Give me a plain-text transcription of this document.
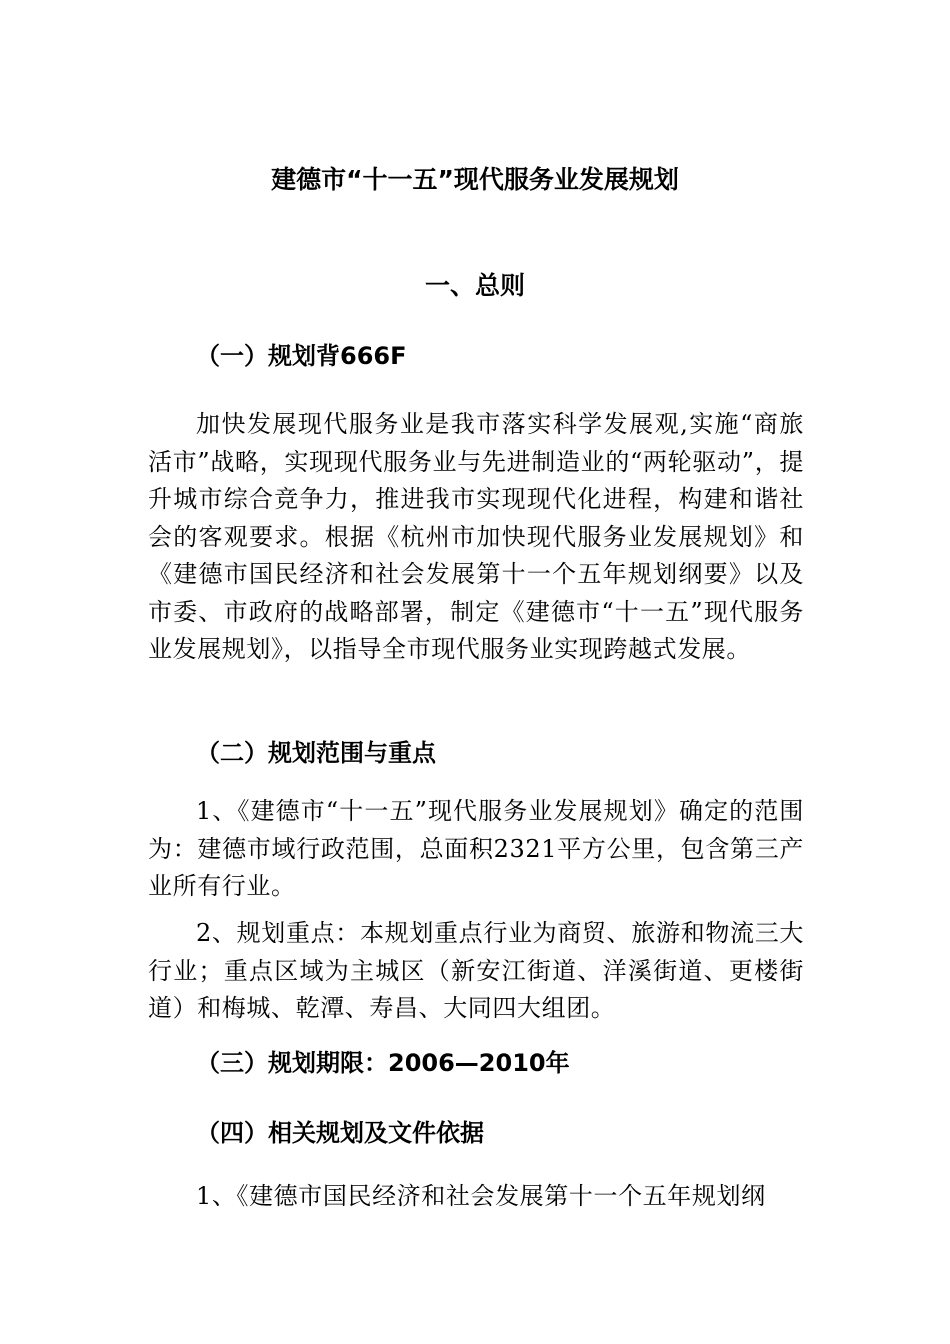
建德市“十一五”现代服务业发展规划
一、总则
（一）规划背666F
加快发展现代服务业是我市落实科学发展观,实施“商旅活市”战略，实现现代服务业与先进制造业的“两轮驱动”，提升城市综合竞争力，推进我市实现现代化进程，构建和谐社会的客观要求。根据《杭州市加快现代服务业发展规划》和《建德市国民经济和社会发展第十一个五年规划纲要》以及市委、市政府的战略部署，制定《建德市“十一五”现代服务业发展规划》，以指导全市现代服务业实现跨越式发展。
（二）规划范围与重点
1、《建德市“十一五”现代服务业发展规划》确定的范围为：建德市域行政范围，总面积2321平方公里，包含第三产业所有行业。
2、规划重点：本规划重点行业为商贸、旅游和物流三大行业；重点区域为主城区（新安江街道、洋溪街道、更楼街道）和梅城、乾潭、寿昌、大同四大组团。
（三）规划期限：2006—2010年
（四）相关规划及文件依据
1、《建德市国民经济和社会发展第十一个五年规划纲
